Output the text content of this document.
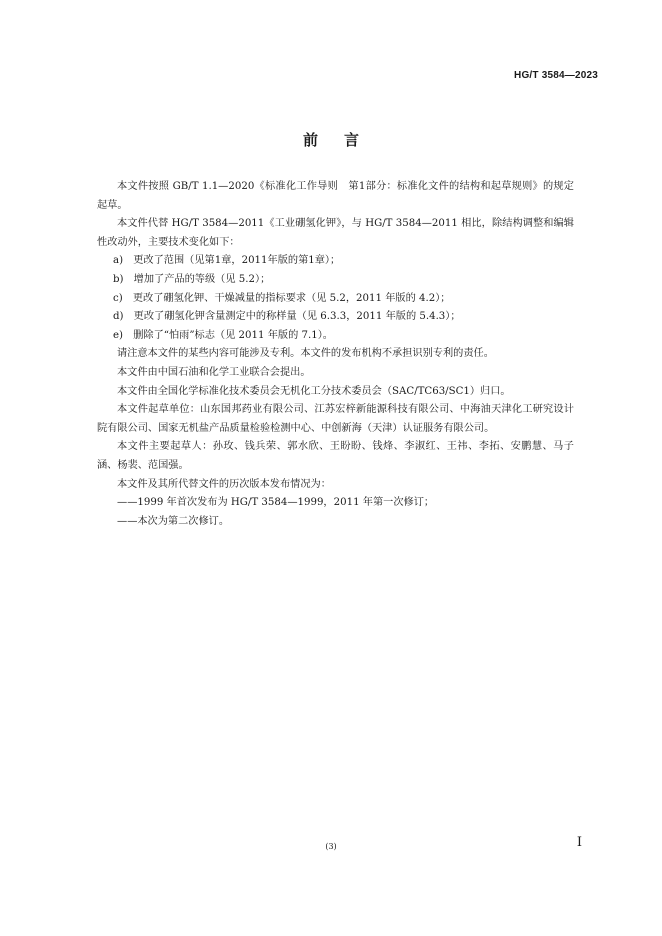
HG/T 3584—2023
前言

本文件按照 GB/T 1.1—2020《标准化工作导则　第1部分：标准化文件的结构和起草规则》的规定起草。

本文件代替 HG/T 3584—2011《工业硼氢化钾》，与 HG/T 3584—2011 相比，除结构调整和编辑性改动外，主要技术变化如下：

a)　更改了范围（见第1章，2011年版的第1章）；

b)　增加了产品的等级（见 5.2）；

c)　更改了硼氢化钾、干燥减量的指标要求（见 5.2，2011 年版的 4.2）；

d)　更改了硼氢化钾含量测定中的称样量（见 6.3.3，2011 年版的 5.4.3）；

e)　删除了“怕雨”标志（见 2011 年版的 7.1）。

请注意本文件的某些内容可能涉及专利。本文件的发布机构不承担识别专利的责任。

本文件由中国石油和化学工业联合会提出。

本文件由全国化学标准化技术委员会无机化工分技术委员会（SAC/TC63/SC1）归口。

本文件起草单位：山东国邦药业有限公司、江苏宏梓新能源科技有限公司、中海油天津化工研究设计院有限公司、国家无机盐产品质量检验检测中心、中创新海（天津）认证服务有限公司。

本文件主要起草人：孙玫、钱兵荣、郭水欣、王盼盼、钱烽、李淑红、王祎、李拓、安鹏慧、马子涵、杨裴、范国强。

本文件及其所代替文件的历次版本发布情况为：

——1999 年首次发布为 HG/T 3584—1999，2011 年第一次修订；

——本次为第二次修订。

(3)	I
